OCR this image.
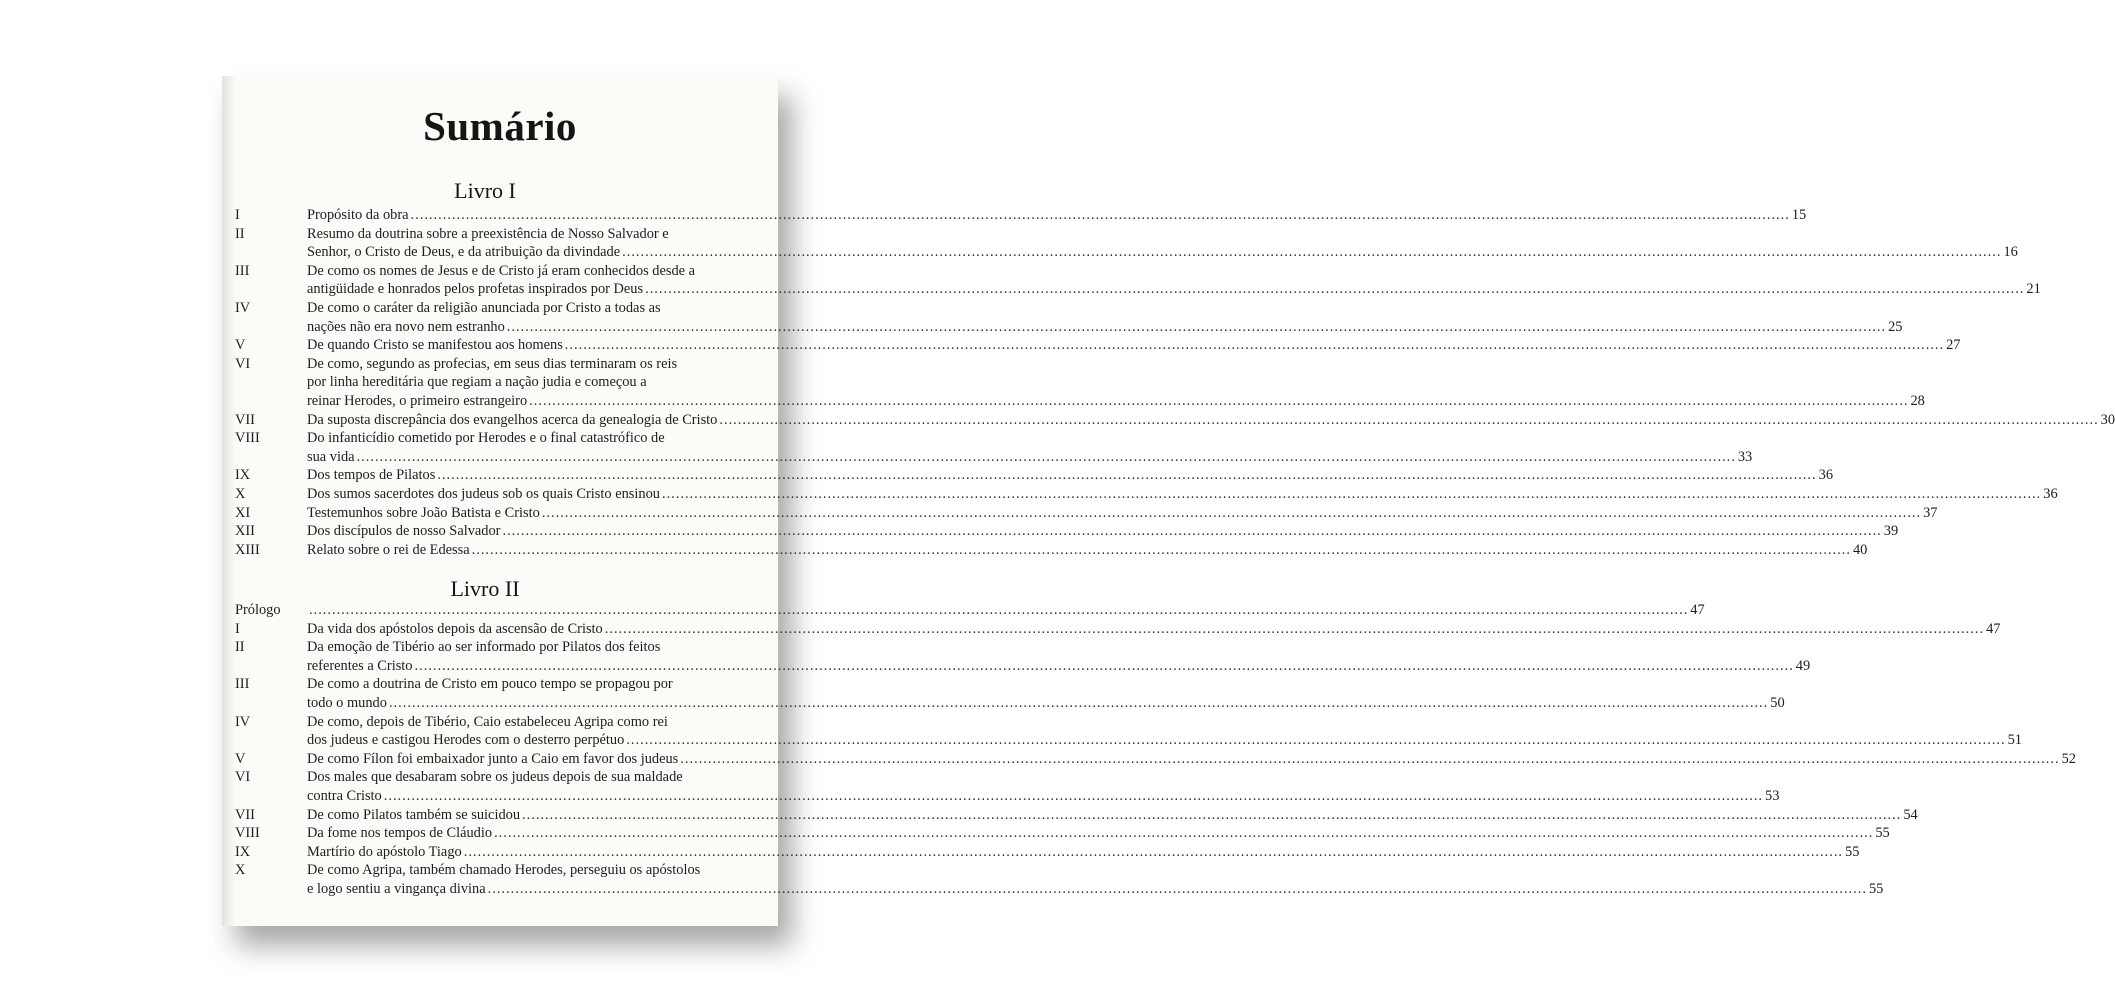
Sumário
Livro I
I	Propósito da obra ............................................................................................................................................................................................................................................................................................................ 15
II	Resumo da doutrina sobre a preexistência de Nosso Salvador e
Senhor, o Cristo de Deus, e da atribuição da divindade ............................................................................................................................................................................................................................................................................................................ 16
III	De como os nomes de Jesus e de Cristo já eram conhecidos desde a
antigüidade e honrados pelos profetas inspirados por Deus ............................................................................................................................................................................................................................................................................................................ 21
IV	De como o caráter da religião anunciada por Cristo a todas as
nações não era novo nem estranho ............................................................................................................................................................................................................................................................................................................ 25
V	De quando Cristo se manifestou aos homens ............................................................................................................................................................................................................................................................................................................ 27
VI	De como, segundo as profecias, em seus dias terminaram os reis
por linha hereditária que regiam a nação judia e começou a
reinar Herodes, o primeiro estrangeiro ............................................................................................................................................................................................................................................................................................................ 28
VII	Da suposta discrepância dos evangelhos acerca da genealogia de Cristo ............................................................................................................................................................................................................................................................................................................ 30
VIII	Do infanticídio cometido por Herodes e o final catastrófico de
sua vida ............................................................................................................................................................................................................................................................................................................ 33
IX	Dos tempos de Pilatos ............................................................................................................................................................................................................................................................................................................ 36
X	Dos sumos sacerdotes dos judeus sob os quais Cristo ensinou ............................................................................................................................................................................................................................................................................................................ 36
XI	Testemunhos sobre João Batista e Cristo ............................................................................................................................................................................................................................................................................................................ 37
XII	Dos discípulos de nosso Salvador ............................................................................................................................................................................................................................................................................................................ 39
XIII	Relato sobre o rei de Edessa ............................................................................................................................................................................................................................................................................................................ 40
Livro II
Prólogo	............................................................................................................................................................................................................................................................................................................ 47
I	Da vida dos apóstolos depois da ascensão de Cristo ............................................................................................................................................................................................................................................................................................................ 47
II	Da emoção de Tibério ao ser informado por Pilatos dos feitos
referentes a Cristo ............................................................................................................................................................................................................................................................................................................ 49
III	De como a doutrina de Cristo em pouco tempo se propagou por
todo o mundo ............................................................................................................................................................................................................................................................................................................ 50
IV	De como, depois de Tibério, Caio estabeleceu Agripa como rei
dos judeus e castigou Herodes com o desterro perpétuo ............................................................................................................................................................................................................................................................................................................ 51
V	De como Fílon foi embaixador junto a Caio em favor dos judeus ............................................................................................................................................................................................................................................................................................................ 52
VI	Dos males que desabaram sobre os judeus depois de sua maldade
contra Cristo ............................................................................................................................................................................................................................................................................................................ 53
VII	De como Pilatos também se suicidou ............................................................................................................................................................................................................................................................................................................ 54
VIII	Da fome nos tempos de Cláudio ............................................................................................................................................................................................................................................................................................................ 55
IX	Martírio do apóstolo Tiago ............................................................................................................................................................................................................................................................................................................ 55
X	De como Agripa, também chamado Herodes, perseguiu os apóstolos
e logo sentiu a vingança divina ............................................................................................................................................................................................................................................................................................................ 55
